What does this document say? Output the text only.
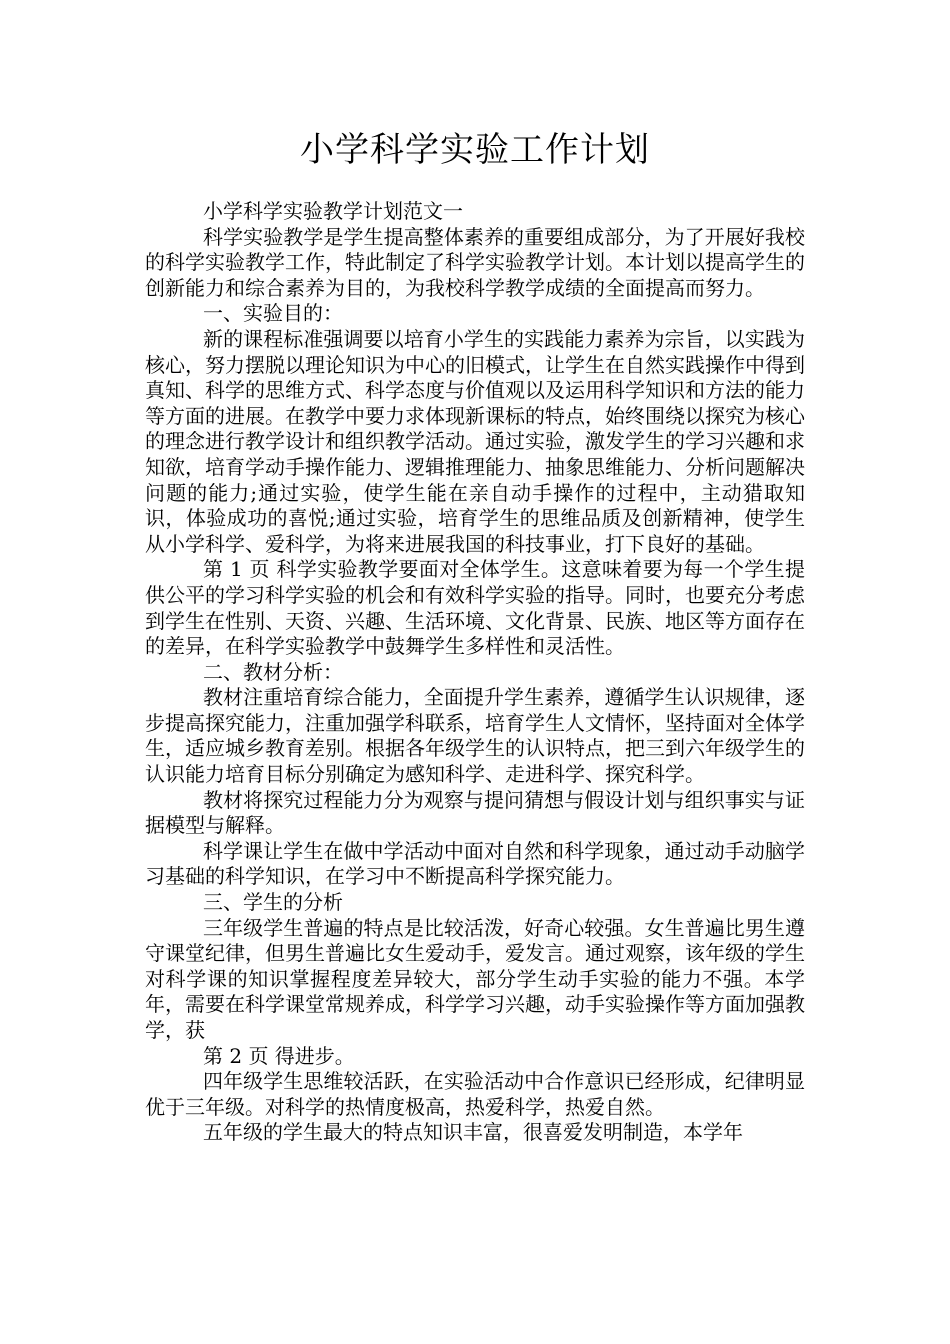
小学科学实验工作计划

小学科学实验教学计划范文一

科学实验教学是学生提高整体素养的重要组成部分，为了开展好我校的科学实验教学工作，特此制定了科学实验教学计划。本计划以提高学生的创新能力和综合素养为目的，为我校科学教学成绩的全面提高而努力。

一、实验目的：

新的课程标准强调要以培育小学生的实践能力素养为宗旨，以实践为核心，努力摆脱以理论知识为中心的旧模式，让学生在自然实践操作中得到真知、科学的思维方式、科学态度与价值观以及运用科学知识和方法的能力等方面的进展。在教学中要力求体现新课标的特点，始终围绕以探究为核心的理念进行教学设计和组织教学活动。通过实验，激发学生的学习兴趣和求知欲，培育学动手操作能力、逻辑推理能力、抽象思维能力、分析问题解决问题的能力;通过实验，使学生能在亲自动手操作的过程中，主动猎取知识，体验成功的喜悦;通过实验，培育学生的思维品质及创新精神，使学生从小学科学、爱科学，为将来进展我国的科技事业，打下良好的基础。

第 1 页 科学实验教学要面对全体学生。这意味着要为每一个学生提供公平的学习科学实验的机会和有效科学实验的指导。同时，也要充分考虑到学生在性别、天资、兴趣、生活环境、文化背景、民族、地区等方面存在的差异，在科学实验教学中鼓舞学生多样性和灵活性。

二、教材分析：

教材注重培育综合能力，全面提升学生素养，遵循学生认识规律，逐步提高探究能力，注重加强学科联系，培育学生人文情怀，坚持面对全体学生，适应城乡教育差别。根据各年级学生的认识特点，把三到六年级学生的认识能力培育目标分别确定为感知科学、走进科学、探究科学。

教材将探究过程能力分为观察与提问猜想与假设计划与组织事实与证据模型与解释。

科学课让学生在做中学活动中面对自然和科学现象，通过动手动脑学习基础的科学知识，在学习中不断提高科学探究能力。

三、学生的分析

三年级学生普遍的特点是比较活泼，好奇心较强。女生普遍比男生遵守课堂纪律，但男生普遍比女生爱动手，爱发言。通过观察，该年级的学生对科学课的知识掌握程度差异较大，部分学生动手实验的能力不强。本学年，需要在科学课堂常规养成，科学学习兴趣，动手实验操作等方面加强教学，获

第 2 页 得进步。

四年级学生思维较活跃，在实验活动中合作意识已经形成，纪律明显优于三年级。对科学的热情度极高，热爱科学，热爱自然。

五年级的学生最大的特点知识丰富，很喜爱发明制造，本学年
